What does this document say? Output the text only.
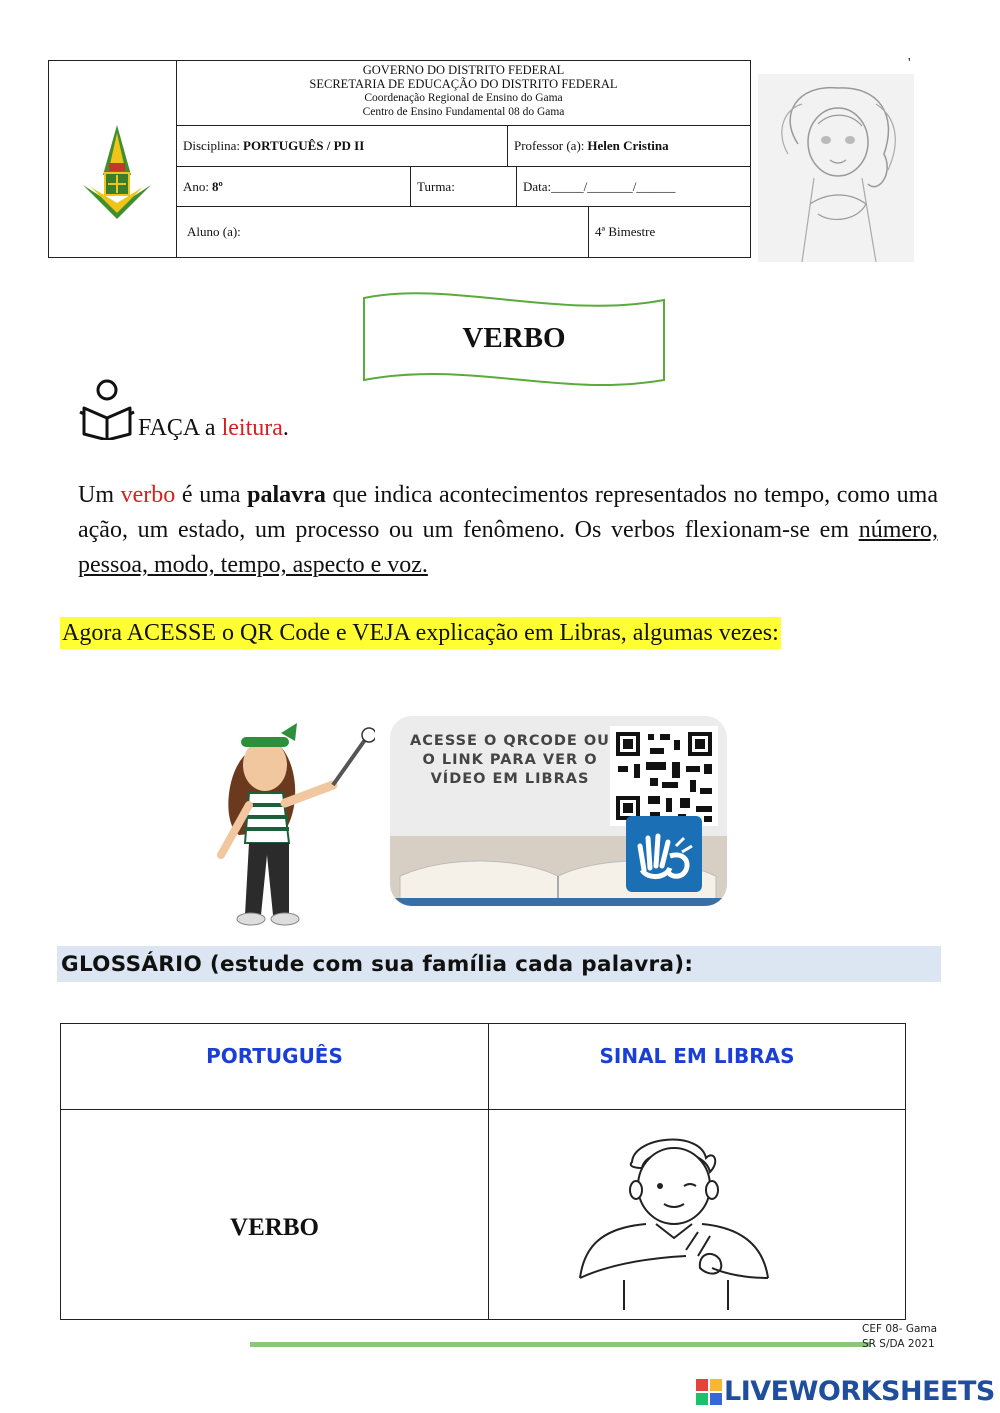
GOVERNO DO DISTRITO FEDERAL
SECRETARIA DE EDUCAÇÃO DO DISTRITO FEDERAL
Coordenação Regional de Ensino do Gama
Centro de Ensino Fundamental 08 do Gama
Disciplina: PORTUGUÊS / PD II	Professor (a): Helen Cristina
Ano: 8º	Turma:	Data:_____/_______/______
Aluno (a):	4ª Bimestre
'
VERBO
FAÇA a leitura.
Um verbo é uma palavra que indica acontecimentos representados no tempo, como uma ação, um estado, um processo ou um fenômeno. Os verbos flexionam-se em número, pessoa, modo, tempo, aspecto e voz.
Agora ACESSE o QR Code e VEJA explicação em Libras, algumas vezes:
ACESSE O QRCODE OU O LINK PARA VER O VÍDEO EM LIBRAS
GLOSSÁRIO (estude com sua família cada palavra):
PORTUGUÊS	SINAL EM LIBRAS
VERBO
CEF 08- Gama
SR S/DA 2021
LIVEWORKSHEETS
